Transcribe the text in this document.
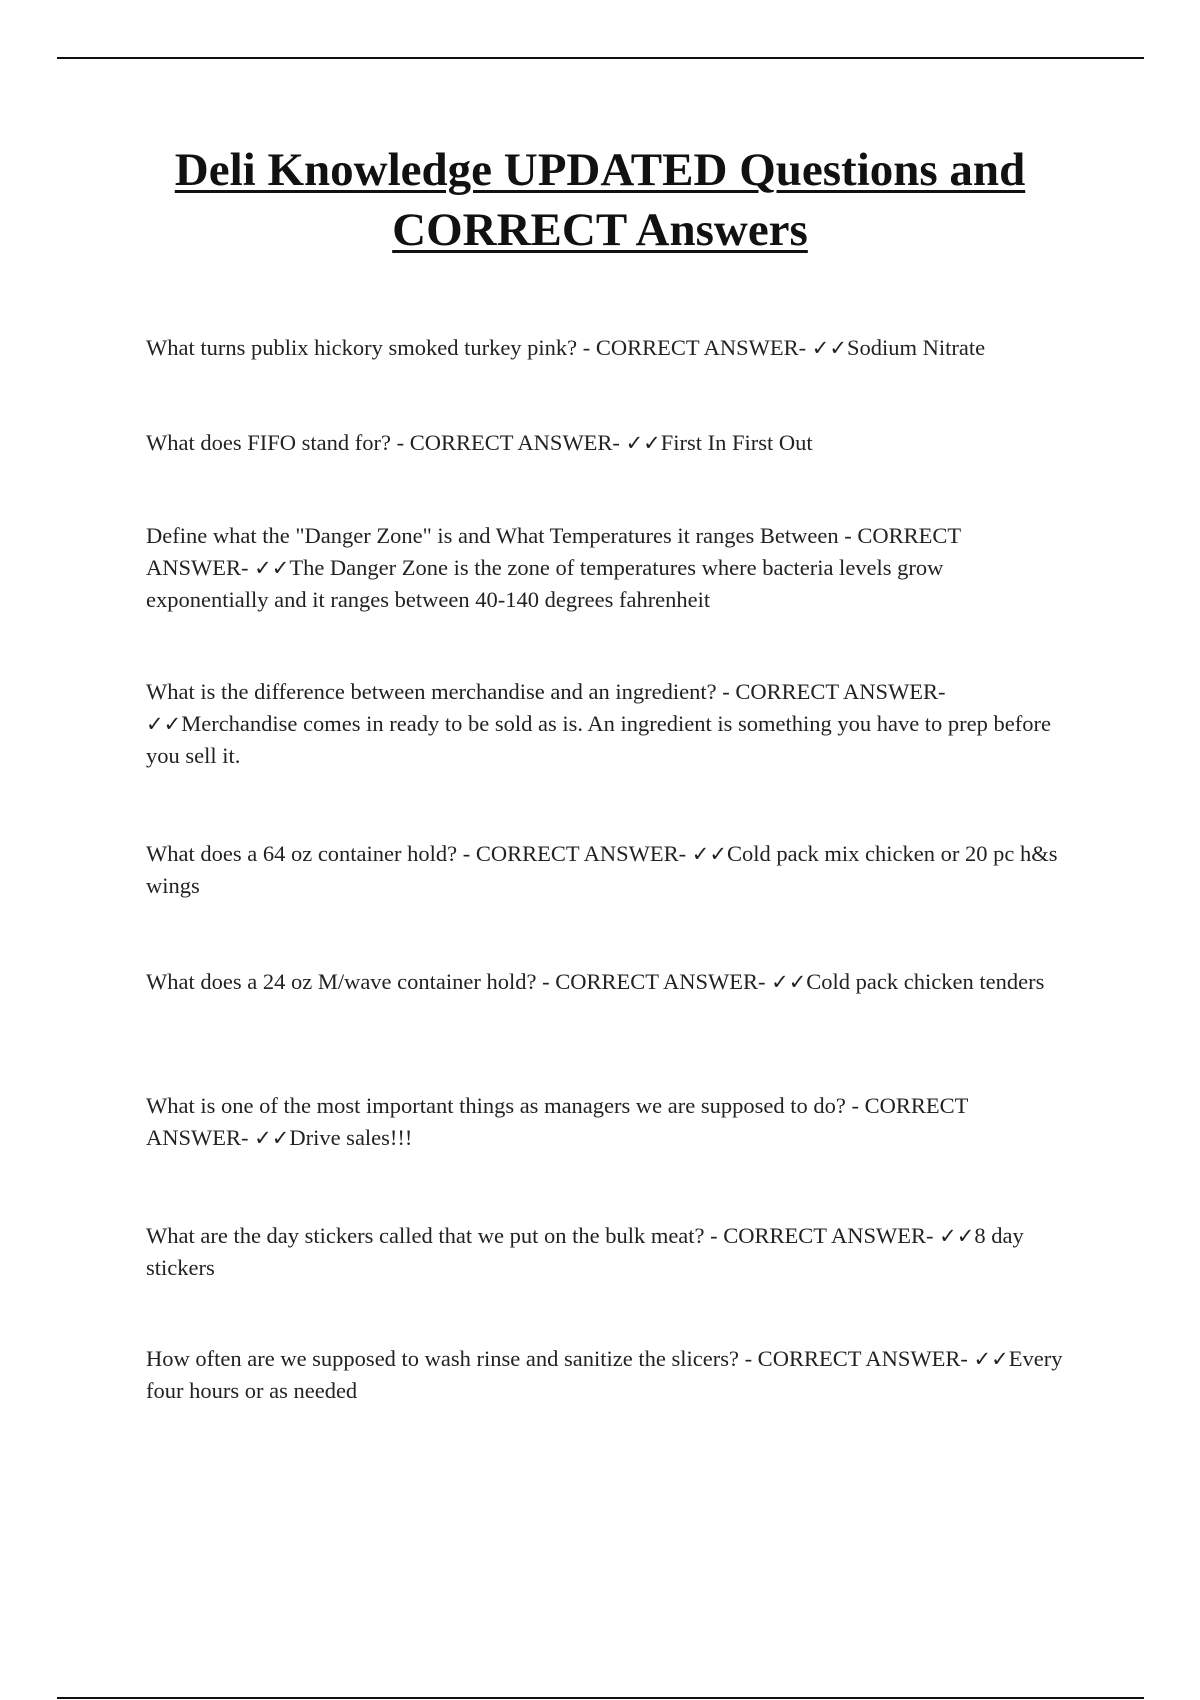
Deli Knowledge UPDATED Questions and CORRECT Answers

What turns publix hickory smoked turkey pink? - CORRECT ANSWER- ✓✓Sodium Nitrate

What does FIFO stand for? - CORRECT ANSWER- ✓✓First In First Out

Define what the "Danger Zone" is and What Temperatures it ranges Between - CORRECT ANSWER- ✓✓The Danger Zone is the zone of temperatures where bacteria levels grow exponentially and it ranges between 40-140 degrees fahrenheit

What is the difference between merchandise and an ingredient? - CORRECT ANSWER- ✓✓Merchandise comes in ready to be sold as is. An ingredient is something you have to prep before you sell it.

What does a 64 oz container hold? - CORRECT ANSWER- ✓✓Cold pack mix chicken or 20 pc h&s wings

What does a 24 oz M/wave container hold? - CORRECT ANSWER- ✓✓Cold pack chicken tenders

What is one of the most important things as managers we are supposed to do? - CORRECT ANSWER- ✓✓Drive sales!!!

What are the day stickers called that we put on the bulk meat? - CORRECT ANSWER- ✓✓8 day stickers

How often are we supposed to wash rinse and sanitize the slicers? - CORRECT ANSWER- ✓✓Every four hours or as needed
